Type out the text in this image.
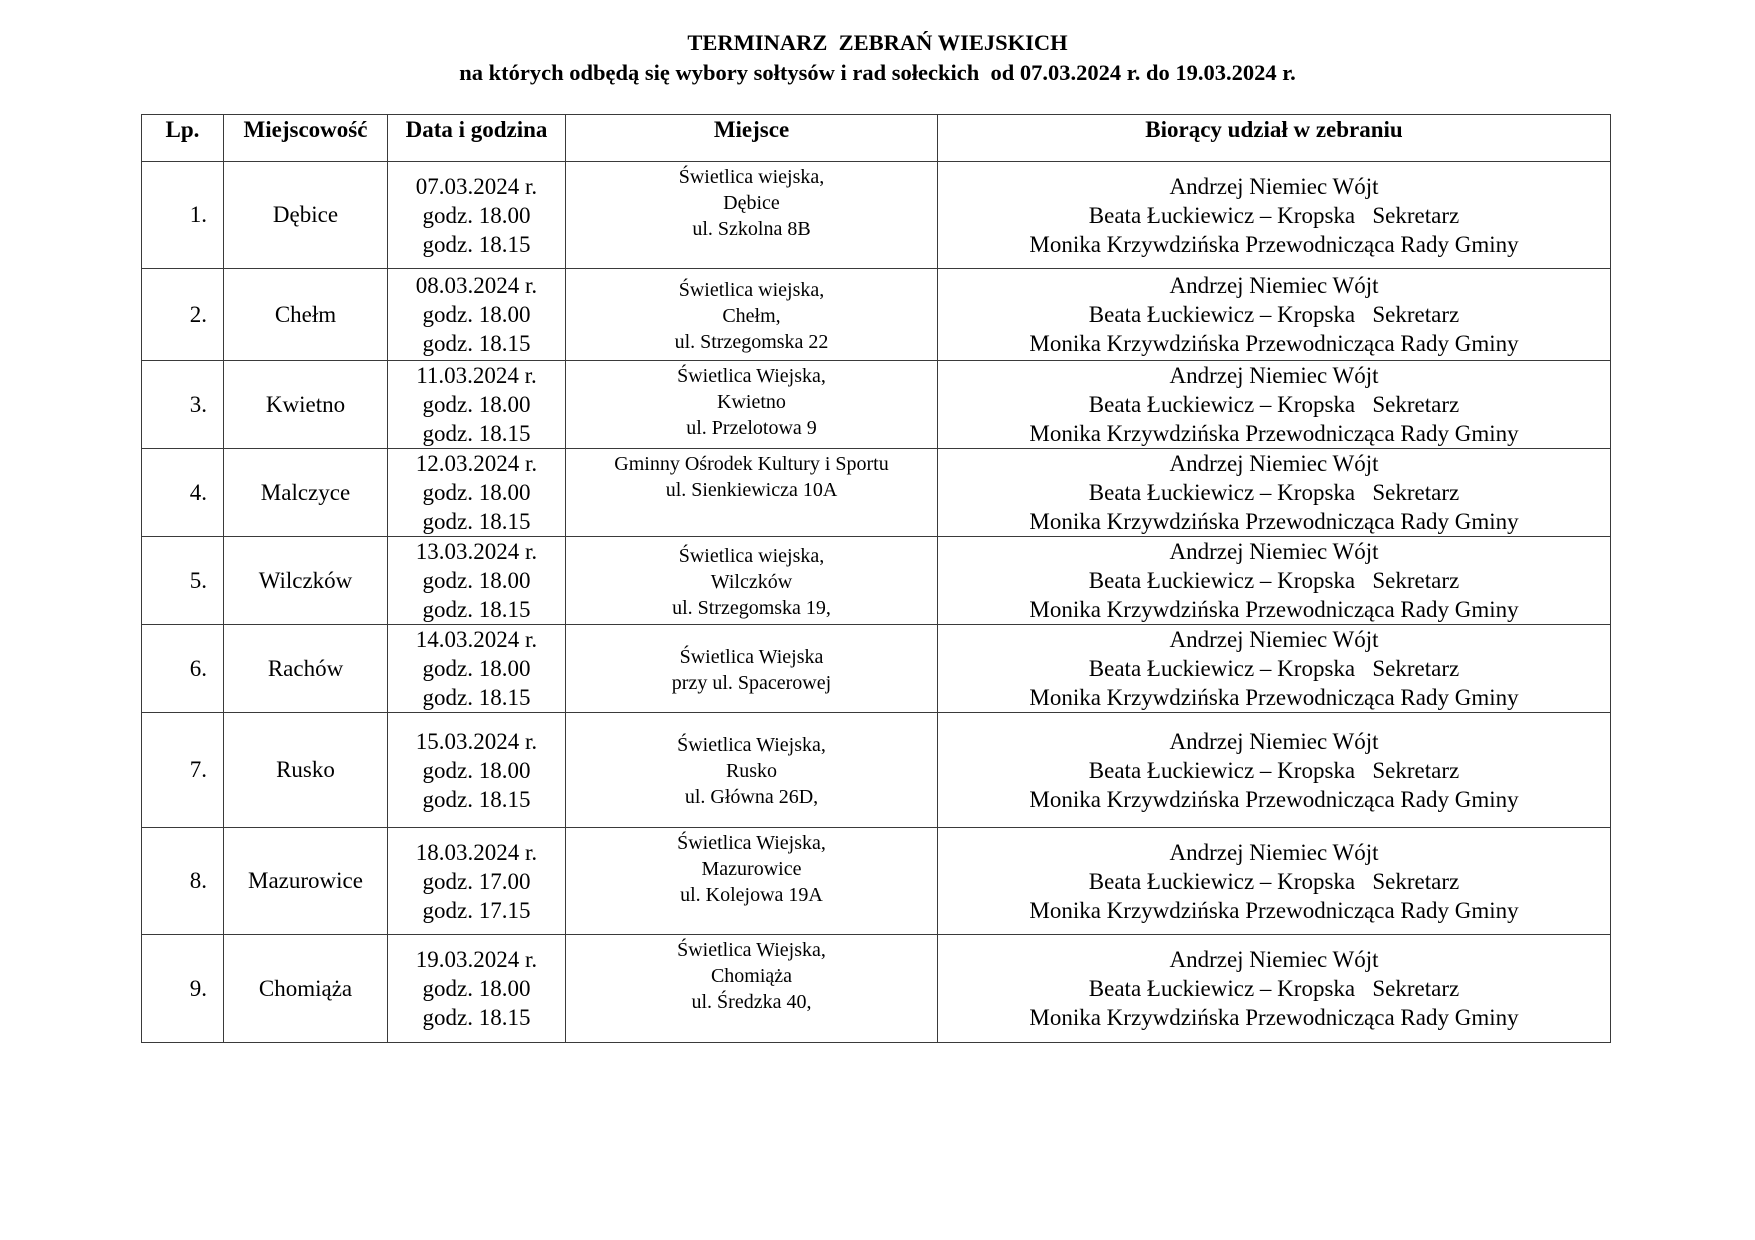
TERMINARZ  ZEBRAŃ WIEJSKICH
na których odbędą się wybory sołtysów i rad sołeckich  od 07.03.2024 r. do 19.03.2024 r.
Lp.	Miejscowość	Data i godzina	Miejsce	Biorący udział w zebraniu
1.	Dębice	07.03.2024 r.
godz. 18.00
godz. 18.15	Świetlica wiejska,
Dębice
ul. Szkolna 8B	Andrzej Niemiec Wójt
Beata Łuckiewicz – Kropska   Sekretarz
Monika Krzywdzińska Przewodnicząca Rady Gminy

2.	Chełm	08.03.2024 r.
godz. 18.00
godz. 18.15	Świetlica wiejska,
Chełm,
ul. Strzegomska 22	Andrzej Niemiec Wójt
Beata Łuckiewicz – Kropska   Sekretarz
Monika Krzywdzińska Przewodnicząca Rady Gminy

3.	Kwietno	11.03.2024 r.
godz. 18.00
godz. 18.15	Świetlica Wiejska,
Kwietno
ul. Przelotowa 9	Andrzej Niemiec Wójt
Beata Łuckiewicz – Kropska   Sekretarz
Monika Krzywdzińska Przewodnicząca Rady Gminy

4.	Malczyce	12.03.2024 r.
godz. 18.00
godz. 18.15	Gminny Ośrodek Kultury i Sportu
ul. Sienkiewicza 10A	Andrzej Niemiec Wójt
Beata Łuckiewicz – Kropska   Sekretarz
Monika Krzywdzińska Przewodnicząca Rady Gminy

5.	Wilczków	13.03.2024 r.
godz. 18.00
godz. 18.15	Świetlica wiejska,
Wilczków
ul. Strzegomska 19,	Andrzej Niemiec Wójt
Beata Łuckiewicz – Kropska   Sekretarz
Monika Krzywdzińska Przewodnicząca Rady Gminy

6.	Rachów	14.03.2024 r.
godz. 18.00
godz. 18.15	Świetlica Wiejska
przy ul. Spacerowej	Andrzej Niemiec Wójt
Beata Łuckiewicz – Kropska   Sekretarz
Monika Krzywdzińska Przewodnicząca Rady Gminy

7.	Rusko	15.03.2024 r.
godz. 18.00
godz. 18.15	Świetlica Wiejska,
Rusko
ul. Główna 26D,	Andrzej Niemiec Wójt
Beata Łuckiewicz – Kropska   Sekretarz
Monika Krzywdzińska Przewodnicząca Rady Gminy

8.	Mazurowice	18.03.2024 r.
godz. 17.00
godz. 17.15	Świetlica Wiejska,
Mazurowice
ul. Kolejowa 19A	Andrzej Niemiec Wójt
Beata Łuckiewicz – Kropska   Sekretarz
Monika Krzywdzińska Przewodnicząca Rady Gminy

9.	Chomiąża	19.03.2024 r.
godz. 18.00
godz. 18.15	Świetlica Wiejska,
Chomiąża
ul. Średzka 40,	Andrzej Niemiec Wójt
Beata Łuckiewicz – Kropska   Sekretarz
Monika Krzywdzińska Przewodnicząca Rady Gminy
